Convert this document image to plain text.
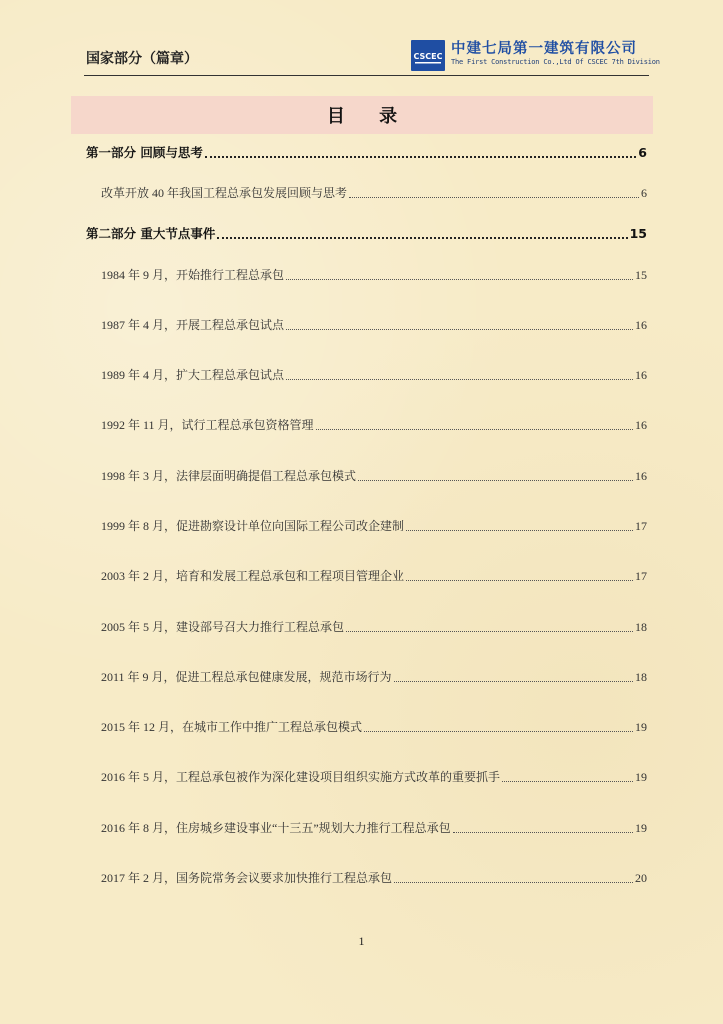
国家部分（篇章）	CSCEC 中建七局第一建筑有限公司
The First Construction Co.,Ltd Of CSCEC 7th Division
目 录
第一部分 回顾与思考	6
改革开放 40 年我国工程总承包发展回顾与思考	6
第二部分 重大节点事件	15
1984 年 9 月，开始推行工程总承包	15
1987 年 4 月，开展工程总承包试点	16
1989 年 4 月，扩大工程总承包试点	16
1992 年 11 月，试行工程总承包资格管理	16
1998 年 3 月，法律层面明确提倡工程总承包模式	16
1999 年 8 月，促进勘察设计单位向国际工程公司改企建制	17
2003 年 2 月，培育和发展工程总承包和工程项目管理企业	17
2005 年 5 月，建设部号召大力推行工程总承包	18
2011 年 9 月，促进工程总承包健康发展，规范市场行为	18
2015 年 12 月，在城市工作中推广工程总承包模式	19
2016 年 5 月，工程总承包被作为深化建设项目组织实施方式改革的重要抓手	19
2016 年 8 月，住房城乡建设事业“十三五”规划大力推行工程总承包	19
2017 年 2 月，国务院常务会议要求加快推行工程总承包	20
1
